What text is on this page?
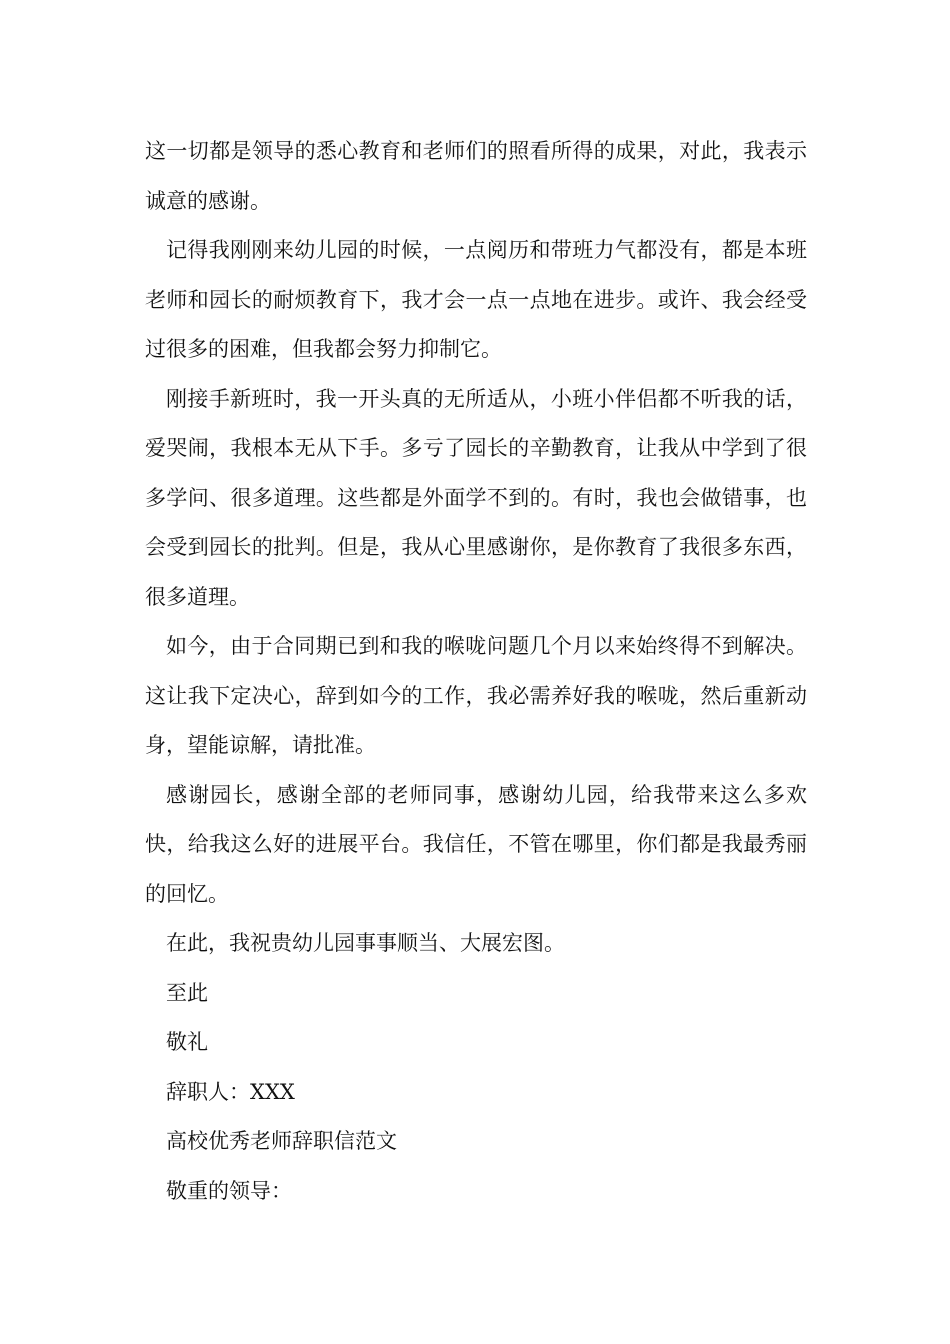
这一切都是领导的悉心教育和老师们的照看所得的成果，对此，我表示诚意的感谢。

记得我刚刚来幼儿园的时候，一点阅历和带班力气都没有，都是本班老师和园长的耐烦教育下，我才会一点一点地在进步。或许、我会经受过很多的困难，但我都会努力抑制它。

刚接手新班时，我一开头真的无所适从，小班小伴侣都不听我的话，爱哭闹，我根本无从下手。多亏了园长的辛勤教育，让我从中学到了很多学问、很多道理。这些都是外面学不到的。有时，我也会做错事，也会受到园长的批判。但是，我从心里感谢你，是你教育了我很多东西，很多道理。

如今，由于合同期已到和我的喉咙问题几个月以来始终得不到解决。这让我下定决心，辞到如今的工作，我必需养好我的喉咙，然后重新动身，望能谅解，请批准。

感谢园长，感谢全部的老师同事，感谢幼儿园，给我带来这么多欢快，给我这么好的进展平台。我信任，不管在哪里，你们都是我最秀丽的回忆。

在此，我祝贵幼儿园事事顺当、大展宏图。

至此

敬礼

辞职人：XXX

高校优秀老师辞职信范文

敬重的领导：
